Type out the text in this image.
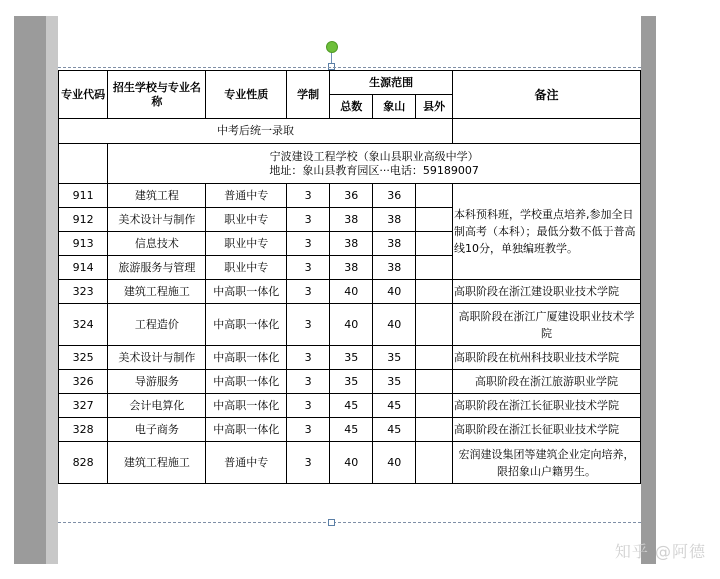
专业代码	招生学校与专业名称	专业性质	学制	生源范围			备注
				总数	象山	县外	
中考后统一录取							

	宁波建设工程学校（象山县职业高级中学）
地址：象山县教育园区···电话：59189007						

911	建筑工程	普通中专	3	36	36		本科预科班，学校重点培养,参加全日制高考（本科）；最低分数不低于普高线10分，单独编班教学。
912	美术设计与制作	职业中专	3	38	38		
913	信息技术	职业中专	3	38	38		
914	旅游服务与管理	职业中专	3	38	38		
323	建筑工程施工	中高职一体化	3	40	40		高职阶段在浙江建设职业技术学院
324	工程造价	中高职一体化	3	40	40		高职阶段在浙江广厦建设职业技术学院
325	美术设计与制作	中高职一体化	3	35	35		高职阶段在杭州科技职业技术学院
326	导游服务	中高职一体化	3	35	35		高职阶段在浙江旅游职业学院
327	会计电算化	中高职一体化	3	45	45		高职阶段在浙江长征职业技术学院
328	电子商务	中高职一体化	3	45	45		高职阶段在浙江长征职业技术学院
828	建筑工程施工	普通中专	3	40	40		宏润建设集团等建筑企业定向培养，限招象山户籍男生。
知乎 @阿德
